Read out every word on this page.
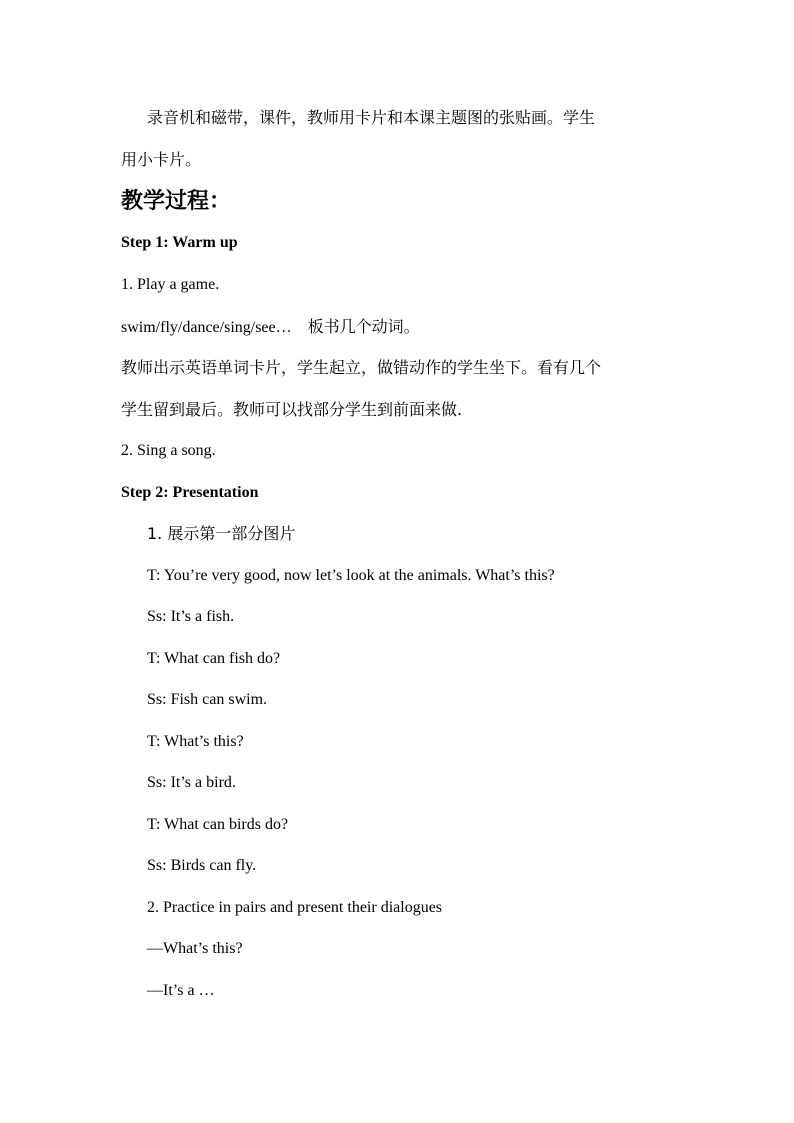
录音机和磁带，课件，教师用卡片和本课主题图的张贴画。学生
用小卡片。
教学过程：
Step 1: Warm up
1. Play a game.
swim/fly/dance/sing/see… 板书几个动词。
教师出示英语单词卡片，学生起立，做错动作的学生坐下。看有几个
学生留到最后。教师可以找部分学生到前面来做.
2. Sing a song.
Step 2: Presentation
1. 展示第一部分图片
T: You’re very good, now let’s look at the animals. What’s this?
Ss: It’s a fish.
T: What can fish do?
Ss: Fish can swim.
T: What’s this?
Ss: It’s a bird.
T: What can birds do?
Ss: Birds can fly.
2. Practice in pairs and present their dialogues
—What’s this?
—It’s a …
